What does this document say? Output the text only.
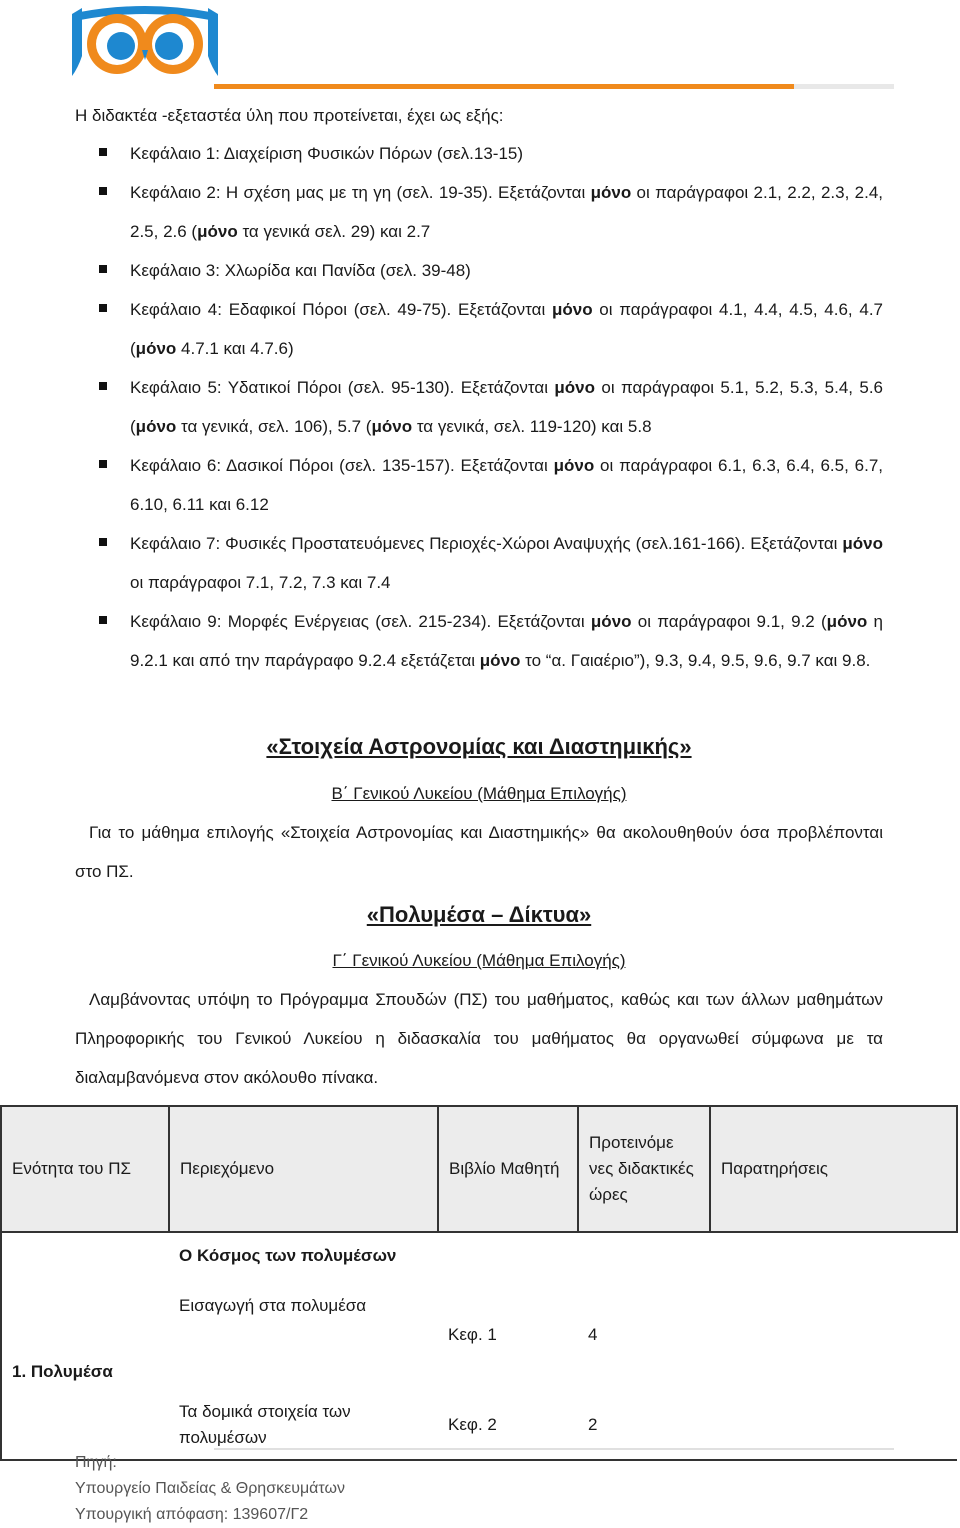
Η διδακτέα -εξεταστέα ύλη που προτείνεται, έχει ως εξής:
Κεφάλαιο 1: Διαχείριση Φυσικών Πόρων (σελ.13-15)
Κεφάλαιο 2: Η σχέση μας με τη γη (σελ. 19-35). Εξετάζονται μόνο οι παράγραφοι 2.1, 2.2, 2.3, 2.4, 2.5, 2.6 (μόνο τα γενικά σελ. 29) και 2.7
Κεφάλαιο 3: Χλωρίδα και Πανίδα (σελ. 39-48)
Κεφάλαιο 4: Εδαφικοί Πόροι (σελ. 49-75). Εξετάζονται μόνο οι παράγραφοι 4.1, 4.4, 4.5, 4.6, 4.7 (μόνο 4.7.1 και 4.7.6)
Κεφάλαιο 5: Υδατικοί Πόροι (σελ. 95-130). Εξετάζονται μόνο οι παράγραφοι 5.1, 5.2, 5.3, 5.4, 5.6 (μόνο τα γενικά, σελ. 106), 5.7 (μόνο τα γενικά, σελ. 119-120) και 5.8
Κεφάλαιο 6: Δασικοί Πόροι (σελ. 135-157). Εξετάζονται μόνο οι παράγραφοι 6.1, 6.3, 6.4, 6.5, 6.7, 6.10, 6.11 και 6.12
Κεφάλαιο 7: Φυσικές Προστατευόμενες Περιοχές-Χώροι Αναψυχής (σελ.161-166). Εξετάζονται μόνο οι παράγραφοι 7.1, 7.2, 7.3 και 7.4
Κεφάλαιο 9: Μορφές Ενέργειας (σελ. 215-234). Εξετάζονται μόνο οι παράγραφοι 9.1, 9.2 (μόνο η 9.2.1 και από την παράγραφο 9.2.4 εξετάζεται μόνο το “α. Γαιαέριο”), 9.3, 9.4, 9.5, 9.6, 9.7 και 9.8.
«Στοιχεία Αστρονομίας και Διαστημικής»
Β΄ Γενικού Λυκείου (Μάθημα Επιλογής)
Για το μάθημα επιλογής «Στοιχεία Αστρονομίας και Διαστημικής» θα ακολουθηθούν όσα προβλέπονται στο ΠΣ.
«Πολυμέσα – Δίκτυα»
Γ΄ Γενικού Λυκείου (Μάθημα Επιλογής)
Λαμβάνοντας υπόψη το Πρόγραμμα Σπουδών (ΠΣ) του μαθήματος, καθώς και των άλλων μαθημάτων Πληροφορικής του Γενικού Λυκείου η διδασκαλία του μαθήματος θα οργανωθεί σύμφωνα με τα διαλαμβανόμενα στον ακόλουθο πίνακα.
Ενότητα του ΠΣ	Περιεχόμενο	Βιβλίο Μαθητή	Προτεινόμε νες διδακτικές ώρες	Παρατηρήσεις
1. Πολυμέσα	Ο Κόσμος των πολυμέσων			
	Εισαγωγή στα πολυμέσα	Κεφ. 1	4	
	Τα δομικά στοιχεία των πολυμέσων	Κεφ. 2	2	
Πηγή:
Υπουργείο Παιδείας & Θρησκευμάτων
Υπουργική απόφαση: 139607/Γ2
